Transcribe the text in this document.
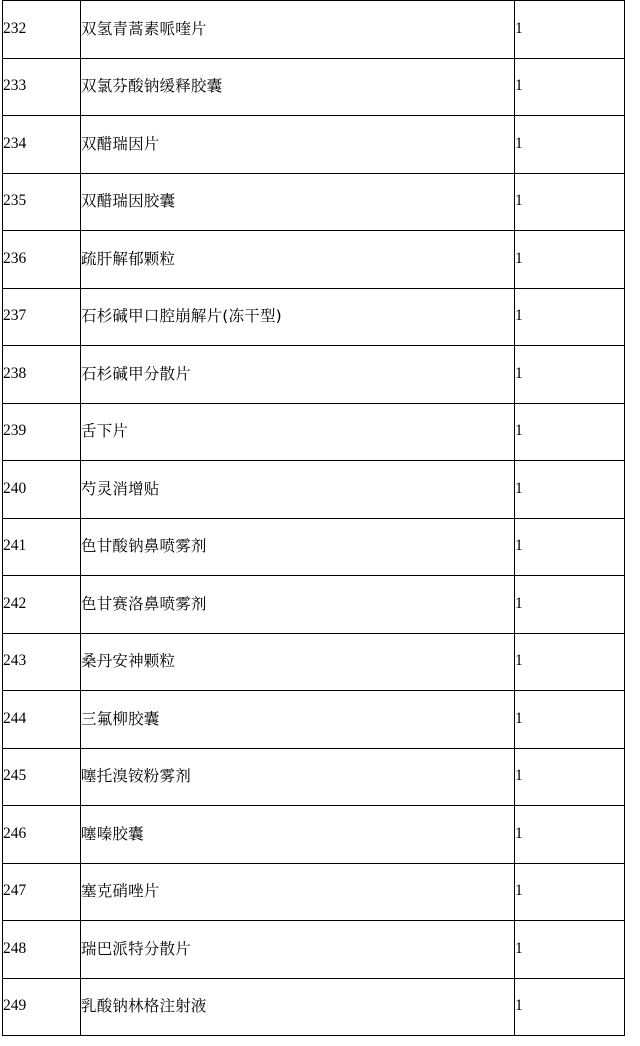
232	双氢青蒿素哌喹片	1
233	双氯芬酸钠缓释胶囊	1
234	双醋瑞因片	1
235	双醋瑞因胶囊	1
236	疏肝解郁颗粒	1
237	石杉碱甲口腔崩解片(冻干型)	1
238	石杉碱甲分散片	1
239	舌下片	1
240	芍灵消增贴	1
241	色甘酸钠鼻喷雾剂	1
242	色甘赛洛鼻喷雾剂	1
243	桑丹安神颗粒	1
244	三氟柳胶囊	1
245	噻托溴铵粉雾剂	1
246	噻嗪胶囊	1
247	塞克硝唑片	1
248	瑞巴派特分散片	1
249	乳酸钠林格注射液	1
